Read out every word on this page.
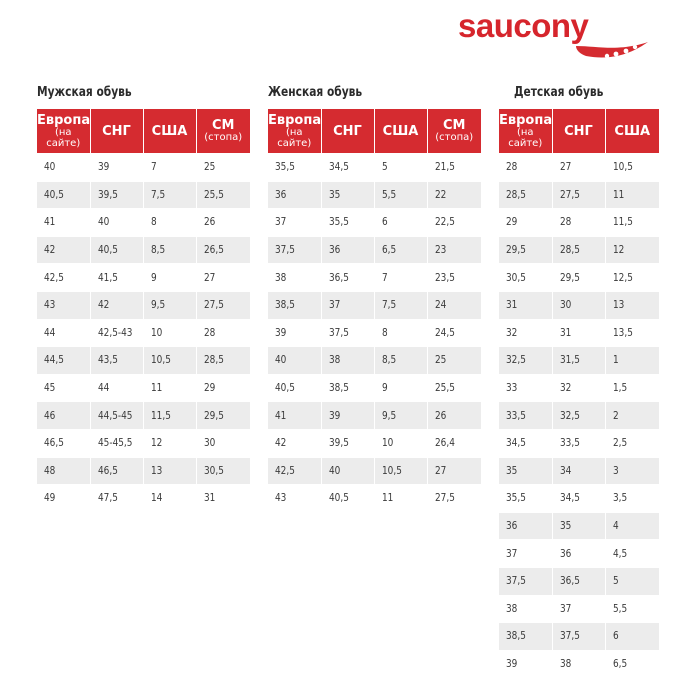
saucony
Мужская обувь	Женская обувь	Детская обувь
Европа
(на сайте)	СНГ	США	СМ
(стопа)

40	39	7	25
40,5	39,5	7,5	25,5
41	40	8	26
42	40,5	8,5	26,5
42,5	41,5	9	27
43	42	9,5	27,5
44	42,5-43	10	28
44,5	43,5	10,5	28,5
45	44	11	29
46	44,5-45	11,5	29,5
46,5	45-45,5	12	30
48	46,5	13	30,5
49	47,5	14	31
Европа
(на сайте)	СНГ	США	СМ
(стопа)

35,5	34,5	5	21,5
36	35	5,5	22
37	35,5	6	22,5
37,5	36	6,5	23
38	36,5	7	23,5
38,5	37	7,5	24
39	37,5	8	24,5
40	38	8,5	25
40,5	38,5	9	25,5
41	39	9,5	26
42	39,5	10	26,4
42,5	40	10,5	27
43	40,5	11	27,5
Европа
(на сайте)	СНГ	США

28	27	10,5
28,5	27,5	11
29	28	11,5
29,5	28,5	12
30,5	29,5	12,5
31	30	13
32	31	13,5
32,5	31,5	1
33	32	1,5
33,5	32,5	2
34,5	33,5	2,5
35	34	3
35,5	34,5	3,5
36	35	4
37	36	4,5
37,5	36,5	5
38	37	5,5
38,5	37,5	6
39	38	6,5
